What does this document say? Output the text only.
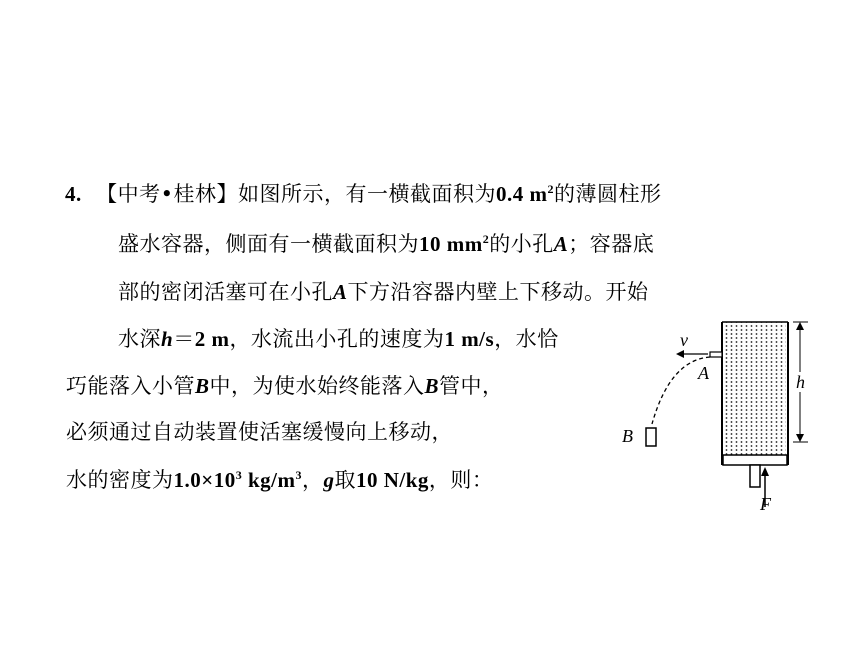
4. 【中考•桂林】如图所示，有一横截面积为0.4 $m^2$的薄圆柱形
盛水容器，侧面有一横截面积为10 $mm^2$的小孔A；容器底
部的密闭活塞可在小孔A下方沿容器内壁上下移动。开始
水深h＝2 m，水流出小孔的速度为1 m/s，水恰
巧能落入小管B中，为使水始终能落入B管中，
必须通过自动装置使活塞缓慢向上移动，
水的密度为$1.0\times 10^3$ $kg/m^3$，g取10 N/kg，则：
F
v
A
B
h
